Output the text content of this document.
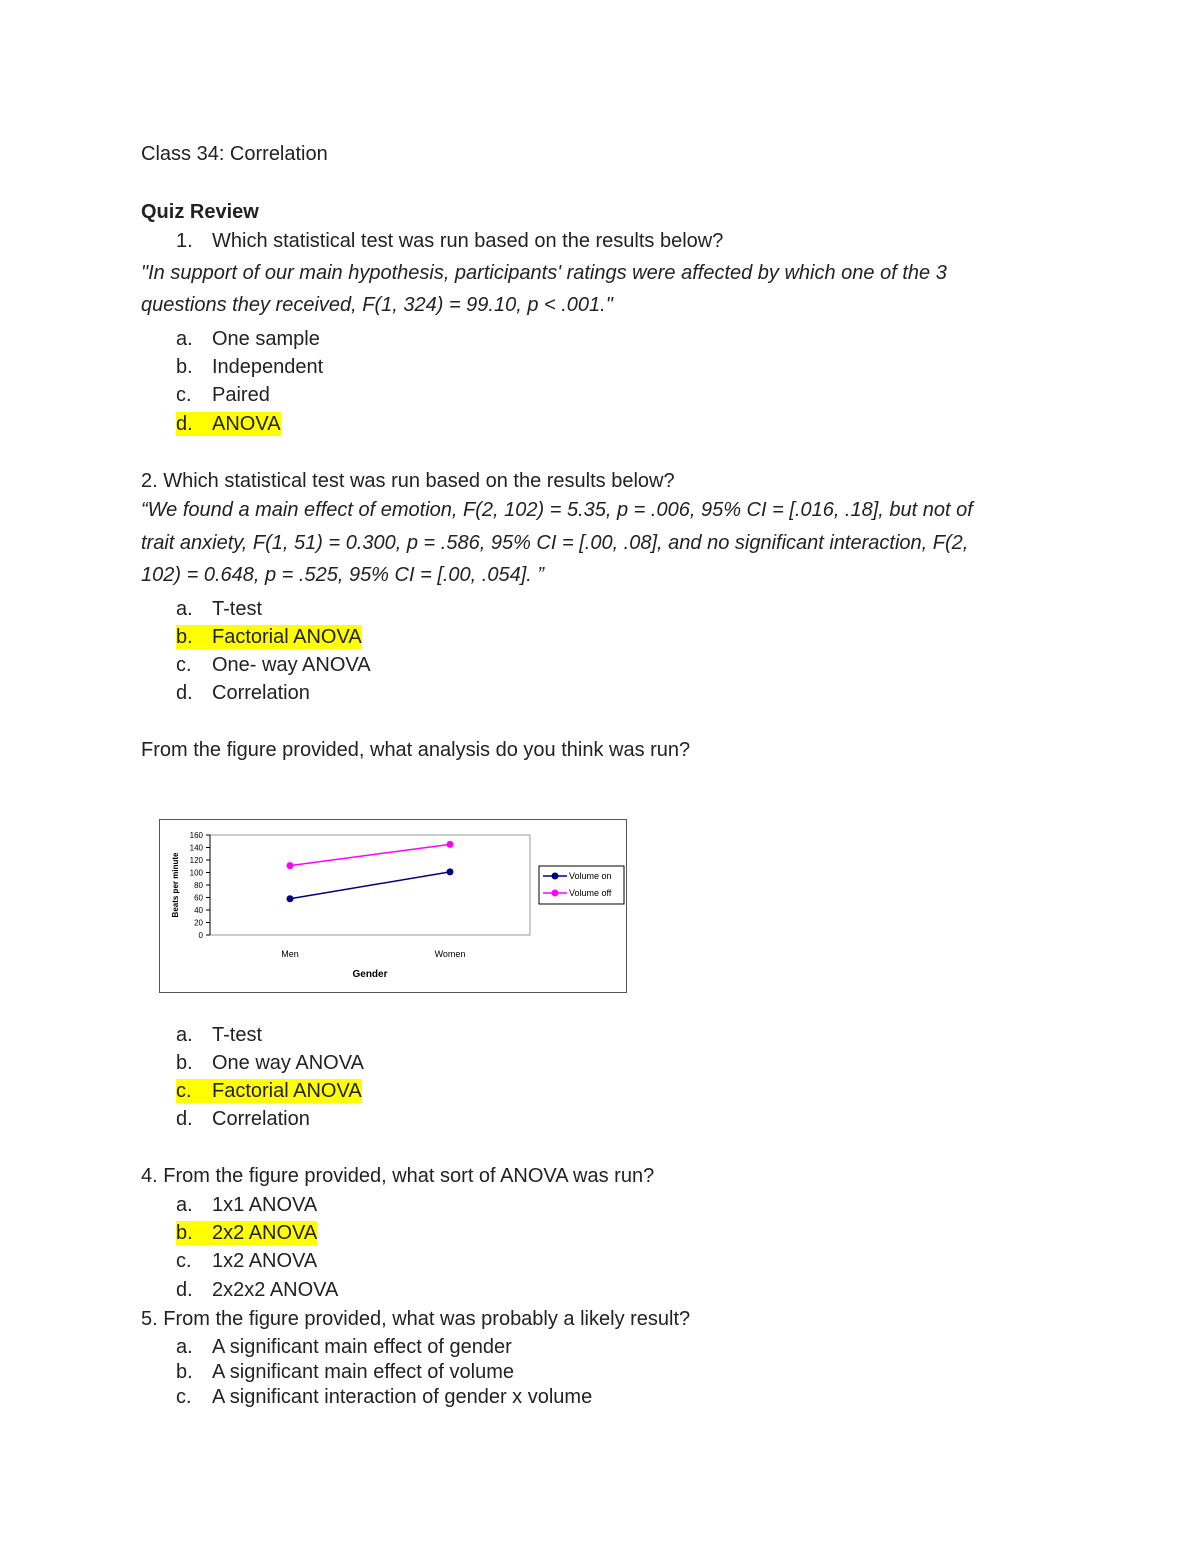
Class 34: Correlation
Quiz Review
1. Which statistical test was run based on the results below?
"In support of our main hypothesis, participants' ratings were affected by which one of the 3
questions they received, F(1, 324) = 99.10, p < .001."
a. One sample
b. Independent
c. Paired
d. ANOVA
2. Which statistical test was run based on the results below?
“We found a main effect of emotion, F(2, 102) = 5.35, p = .006, 95% CI = [.016, .18], but not of
trait anxiety, F(1, 51) = 0.300, p = .586, 95% CI = [.00, .08], and no significant interaction, F(2,
102) = 0.648, p = .525, 95% CI = [.00, .054]. ”
a. T-test
b. Factorial ANOVA
c. One- way ANOVA
d. Correlation
From the figure provided, what analysis do you think was run?
0
20
40
60
80
100
120
140
160
Men	Women
Gender
Beats per minute	Volume on
Volume off
a. T-test
b. One way ANOVA
c. Factorial ANOVA
d. Correlation
4. From the figure provided, what sort of ANOVA was run?
a. 1x1 ANOVA
b. 2x2 ANOVA
c. 1x2 ANOVA
d. 2x2x2 ANOVA
5. From the figure provided, what was probably a likely result?
a. A significant main effect of gender
b. A significant main effect of volume
c. A significant interaction of gender x volume
